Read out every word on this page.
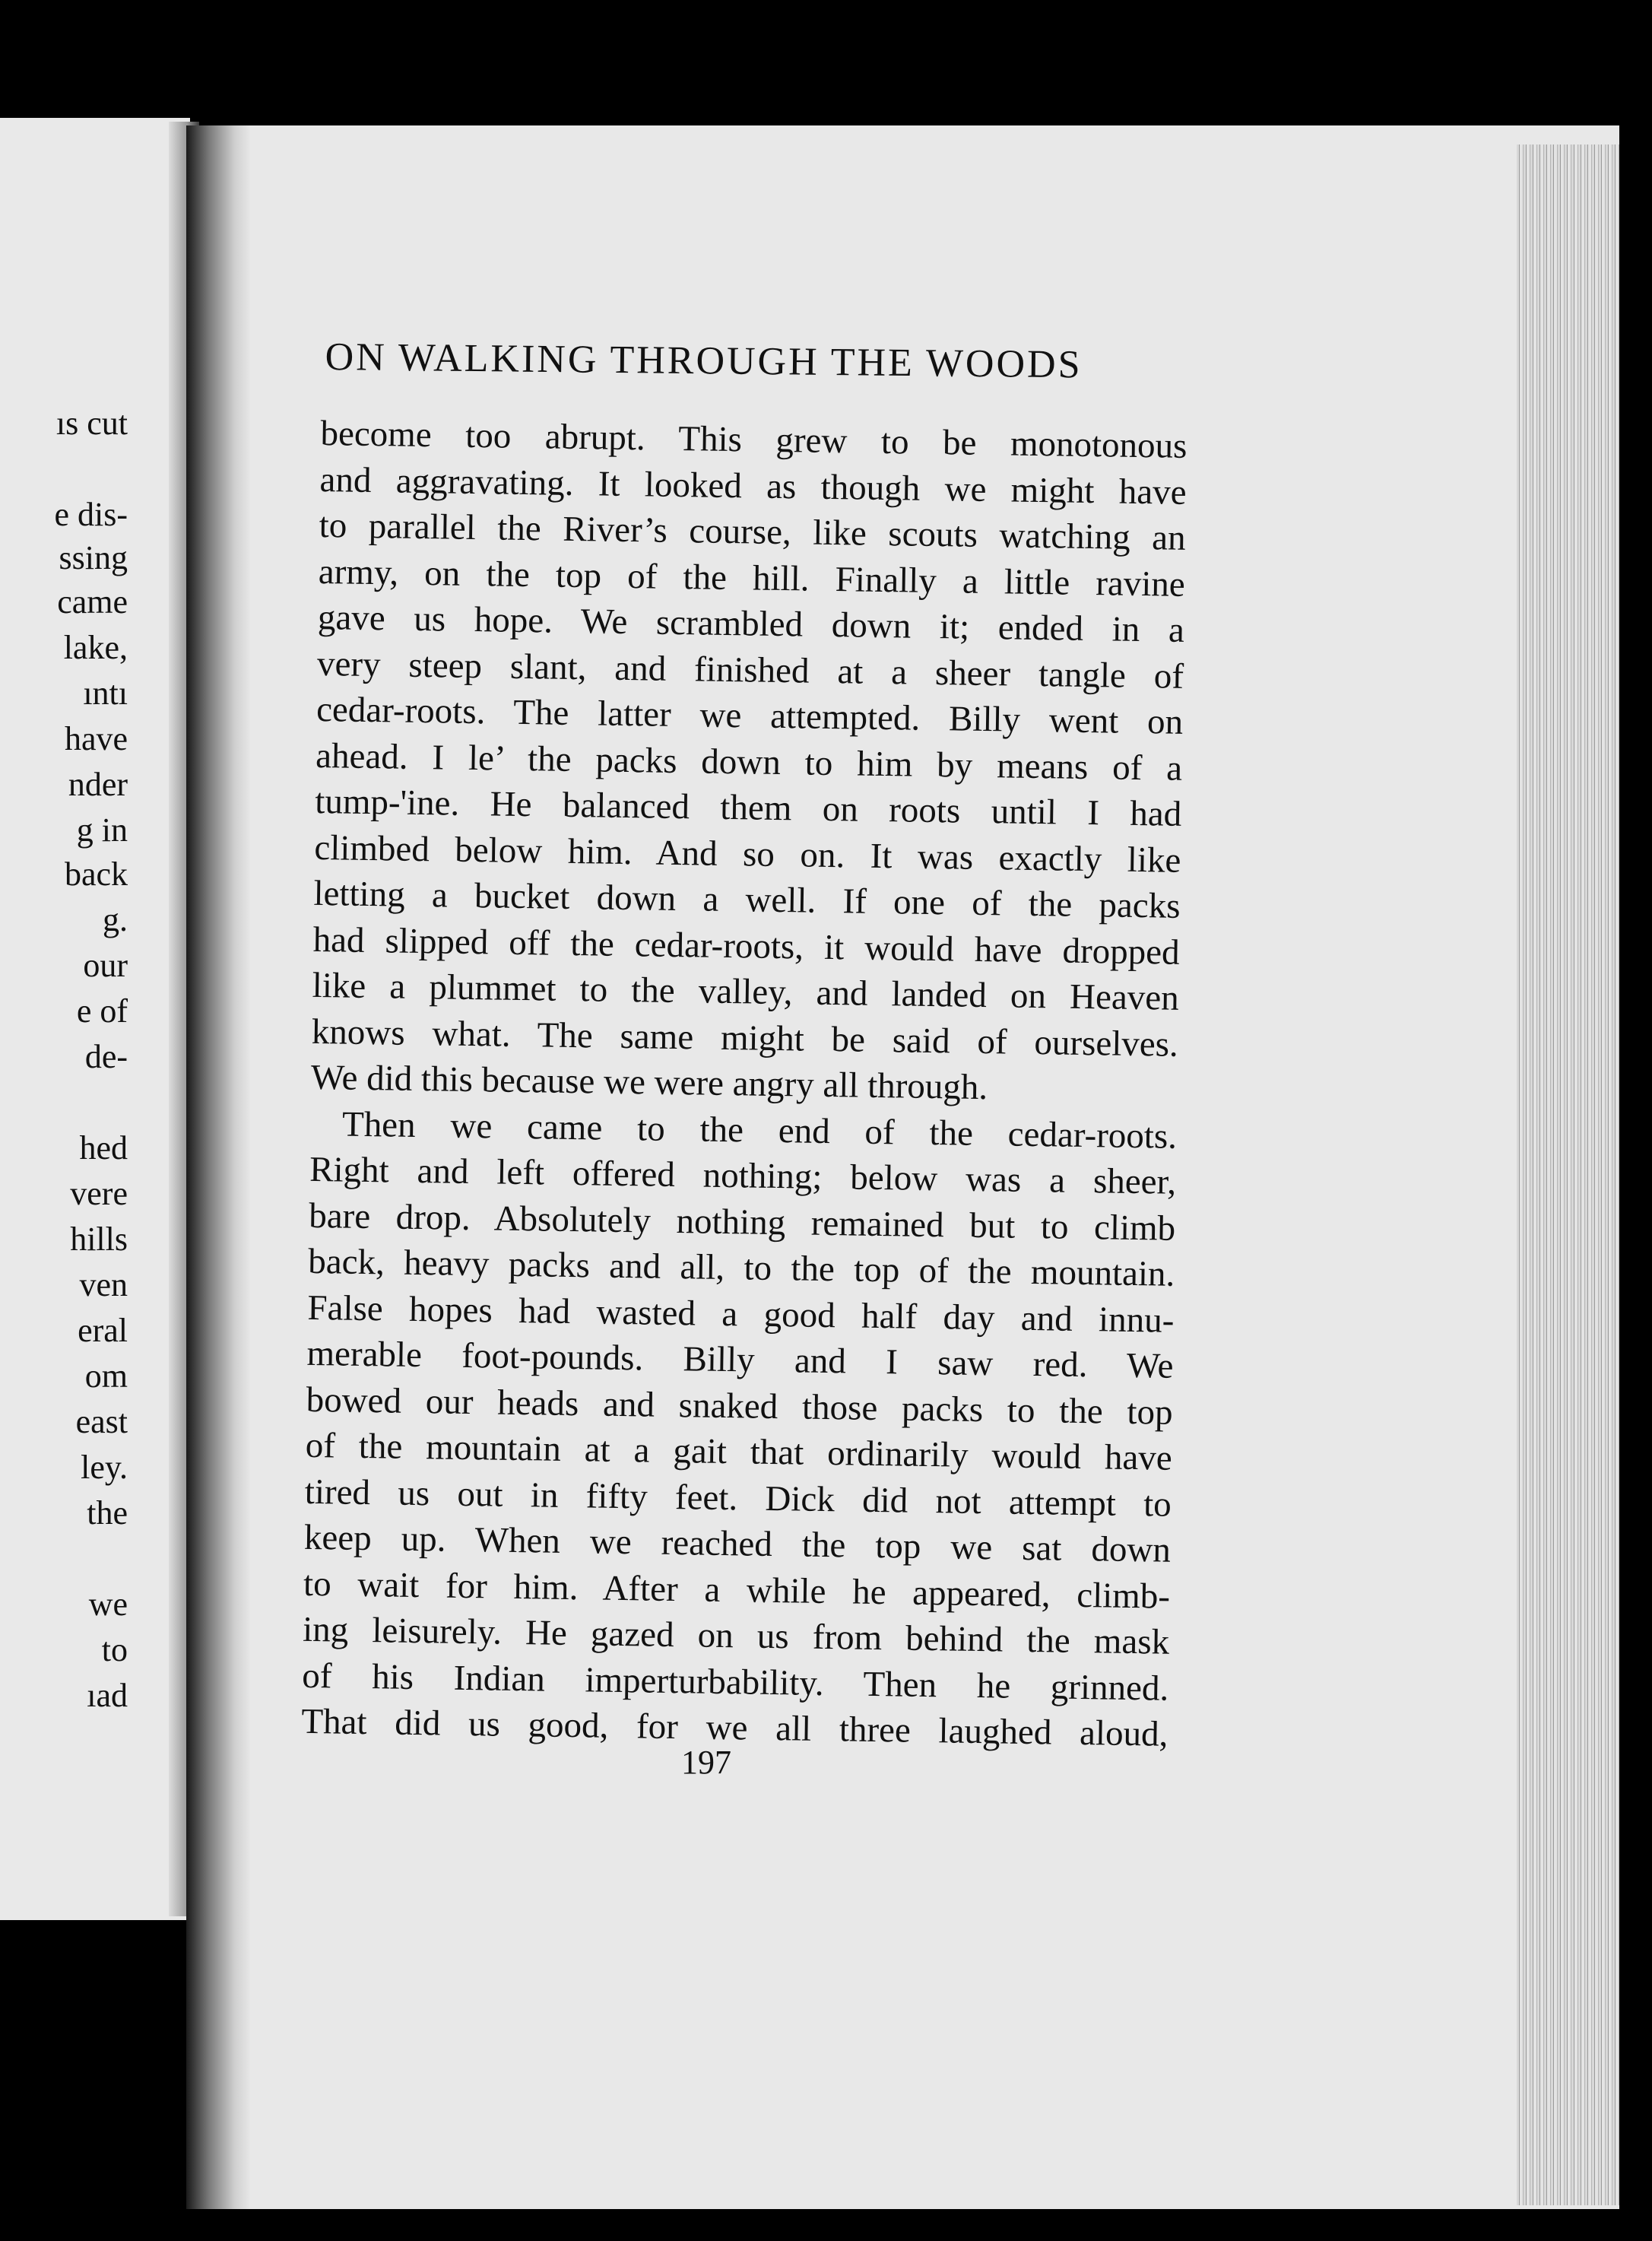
ıs cut
e dis-
ssing
came
lake,
ıntı
have
nder
g in
back
g.
our
e of
de-
hed
vere
hills
ven
eral
om
east
ley.
the
we
to
ıad
ON WALKING THROUGH THE WOODS
become too abrupt. This grew to be monotonous
and aggravating. It looked as though we might have
to parallel the River’s course, like scouts watching an
army, on the top of the hill. Finally a little ravine
gave us hope. We scrambled down it; ended in a
very steep slant, and finished at a sheer tangle of
cedar-roots. The latter we attempted. Billy went on
ahead. I le’ the packs down to him by means of a
tump-'ine. He balanced them on roots until I had
climbed below him. And so on. It was exactly like
letting a bucket down a well. If one of the packs
had slipped off the cedar-roots, it would have dropped
like a plummet to the valley, and landed on Heaven
knows what. The same might be said of ourselves.
We did this because we were angry all through.
Then we came to the end of the cedar-roots.
Right and left offered nothing; below was a sheer,
bare drop. Absolutely nothing remained but to climb
back, heavy packs and all, to the top of the mountain.
False hopes had wasted a good half day and innu-
merable foot-pounds. Billy and I saw red. We
bowed our heads and snaked those packs to the top
of the mountain at a gait that ordinarily would have
tired us out in fifty feet. Dick did not attempt to
keep up. When we reached the top we sat down
to wait for him. After a while he appeared, climb-
ing leisurely. He gazed on us from behind the mask
of his Indian imperturbability. Then he grinned.
That did us good, for we all three laughed aloud,
197
